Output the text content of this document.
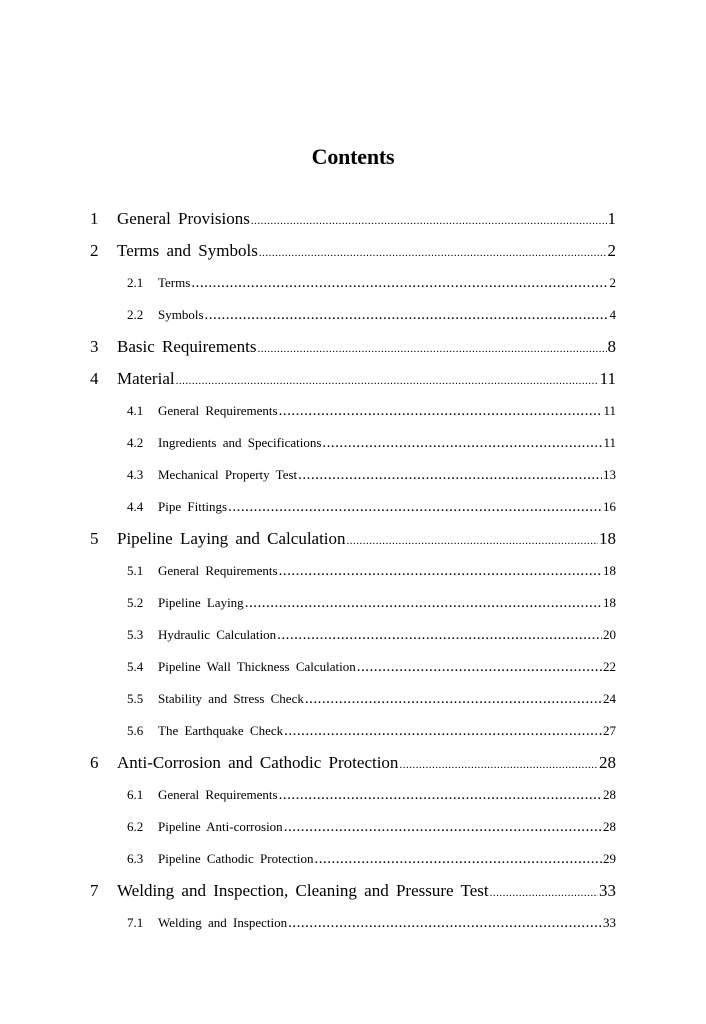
Contents
1	General Provisions .....	1
2	Terms and Symbols .....	2
2.1	Terms .....	2
2.2	Symbols .....	4
3	Basic Requirements .....	8
4	Material .....	11
4.1	General Requirements .....	11
4.2	Ingredients and Specifications .....	11
4.3	Mechanical Property Test .....	13
4.4	Pipe Fittings .....	16
5	Pipeline Laying and Calculation .....	18
5.1	General Requirements .....	18
5.2	Pipeline Laying .....	18
5.3	Hydraulic Calculation .....	20
5.4	Pipeline Wall Thickness Calculation .....	22
5.5	Stability and Stress Check .....	24
5.6	The Earthquake Check .....	27
6	Anti-Corrosion and Cathodic Protection .....	28
6.1	General Requirements .....	28
6.2	Pipeline Anti-corrosion .....	28
6.3	Pipeline Cathodic Protection .....	29
7	Welding and Inspection, Cleaning and Pressure Test .....	33
7.1	Welding and Inspection .....	33
